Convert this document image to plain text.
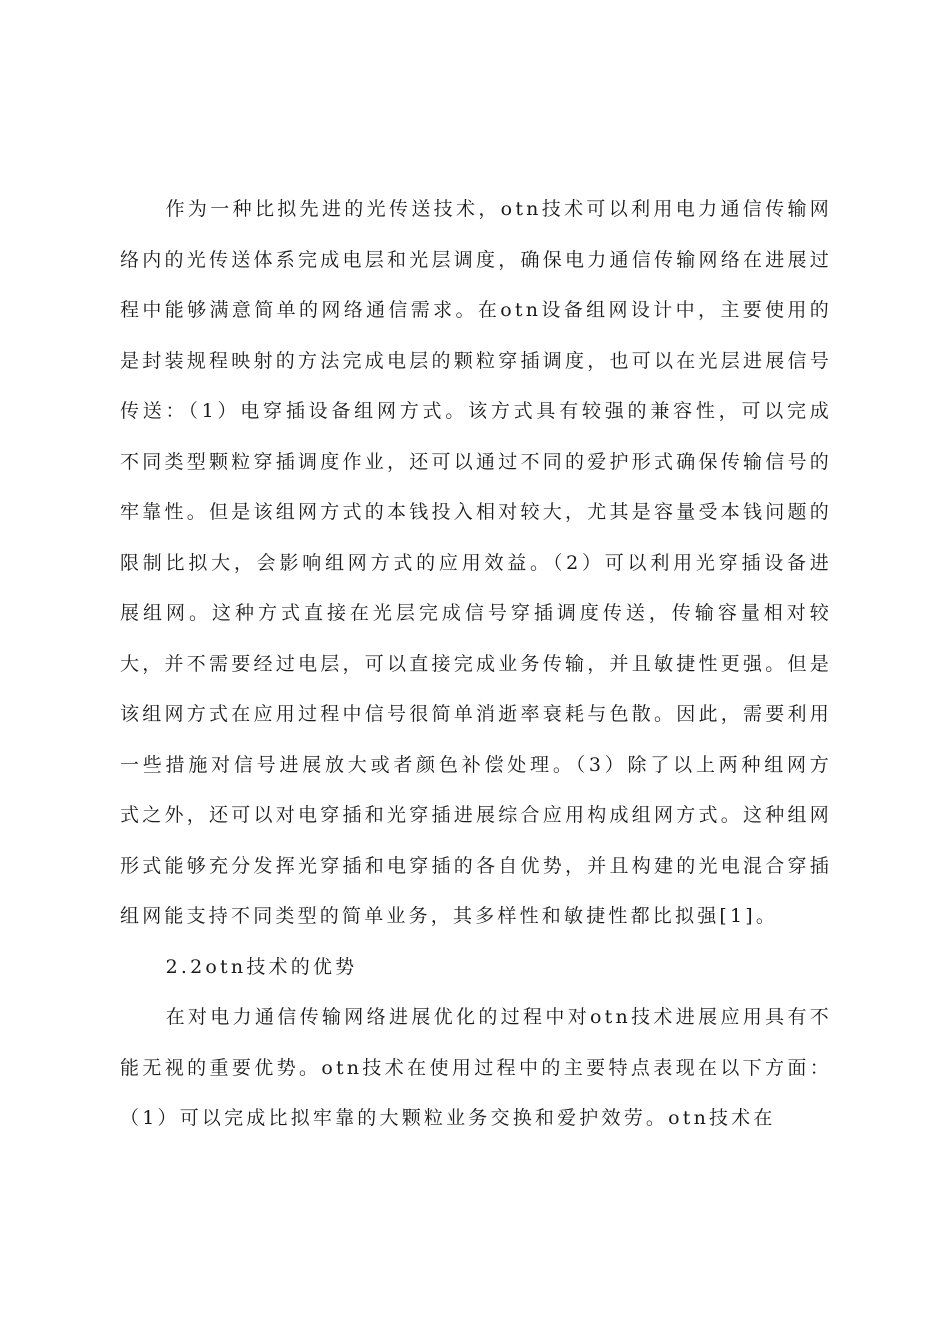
作为一种比拟先进的光传送技术，otn技术可以利用电力通信传输网络内的光传送体系完成电层和光层调度，确保电力通信传输网络在进展过程中能够满意简单的网络通信需求。在otn设备组网设计中，主要使用的是封装规程映射的方法完成电层的颗粒穿插调度，也可以在光层进展信号传送：（1）电穿插设备组网方式。该方式具有较强的兼容性，可以完成不同类型颗粒穿插调度作业，还可以通过不同的爱护形式确保传输信号的牢靠性。但是该组网方式的本钱投入相对较大，尤其是容量受本钱问题的限制比拟大，会影响组网方式的应用效益。（2）可以利用光穿插设备进展组网。这种方式直接在光层完成信号穿插调度传送，传输容量相对较大，并不需要经过电层，可以直接完成业务传输，并且敏捷性更强。但是该组网方式在应用过程中信号很简单消逝率衰耗与色散。因此，需要利用一些措施对信号进展放大或者颜色补偿处理。（3）除了以上两种组网方式之外，还可以对电穿插和光穿插进展综合应用构成组网方式。这种组网形式能够充分发挥光穿插和电穿插的各自优势，并且构建的光电混合穿插组网能支持不同类型的简单业务，其多样性和敏捷性都比拟强[1]。

2.2otn技术的优势

在对电力通信传输网络进展优化的过程中对otn技术进展应用具有不能无视的重要优势。otn技术在使用过程中的主要特点表现在以下方面：（1）可以完成比拟牢靠的大颗粒业务交换和爱护效劳。otn技术在
